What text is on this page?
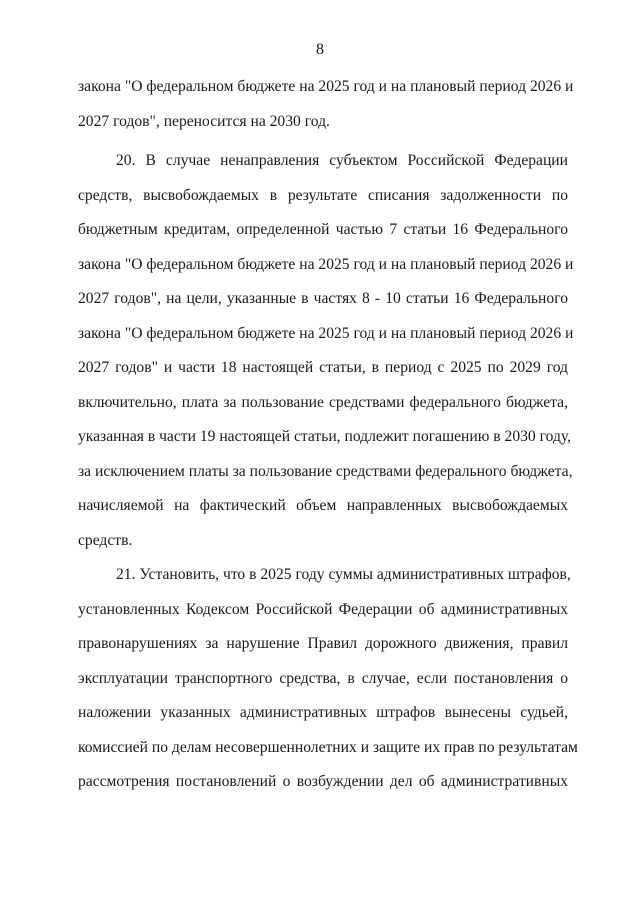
8
закона "О федеральном бюджете на 2025 год и на плановый период 2026 и
2027 годов", переносится на 2030 год.
20. В случае ненаправления субъектом Российской Федерации
средств, высвобождаемых в результате списания задолженности по
бюджетным кредитам, определенной частью 7 статьи 16 Федерального
закона "О федеральном бюджете на 2025 год и на плановый период 2026 и
2027 годов", на цели, указанные в частях 8 - 10 статьи 16 Федерального
закона "О федеральном бюджете на 2025 год и на плановый период 2026 и
2027 годов" и части 18 настоящей статьи, в период с 2025 по 2029 год
включительно, плата за пользование средствами федерального бюджета,
указанная в части 19 настоящей статьи, подлежит погашению в 2030 году,
за исключением платы за пользование средствами федерального бюджета,
начисляемой на фактический объем направленных высвобождаемых
средств.
21. Установить, что в 2025 году суммы административных штрафов,
установленных Кодексом Российской Федерации об административных
правонарушениях за нарушение Правил дорожного движения, правил
эксплуатации транспортного средства, в случае, если постановления о
наложении указанных административных штрафов вынесены судьей,
комиссией по делам несовершеннолетних и защите их прав по результатам
рассмотрения постановлений о возбуждении дел об административных
